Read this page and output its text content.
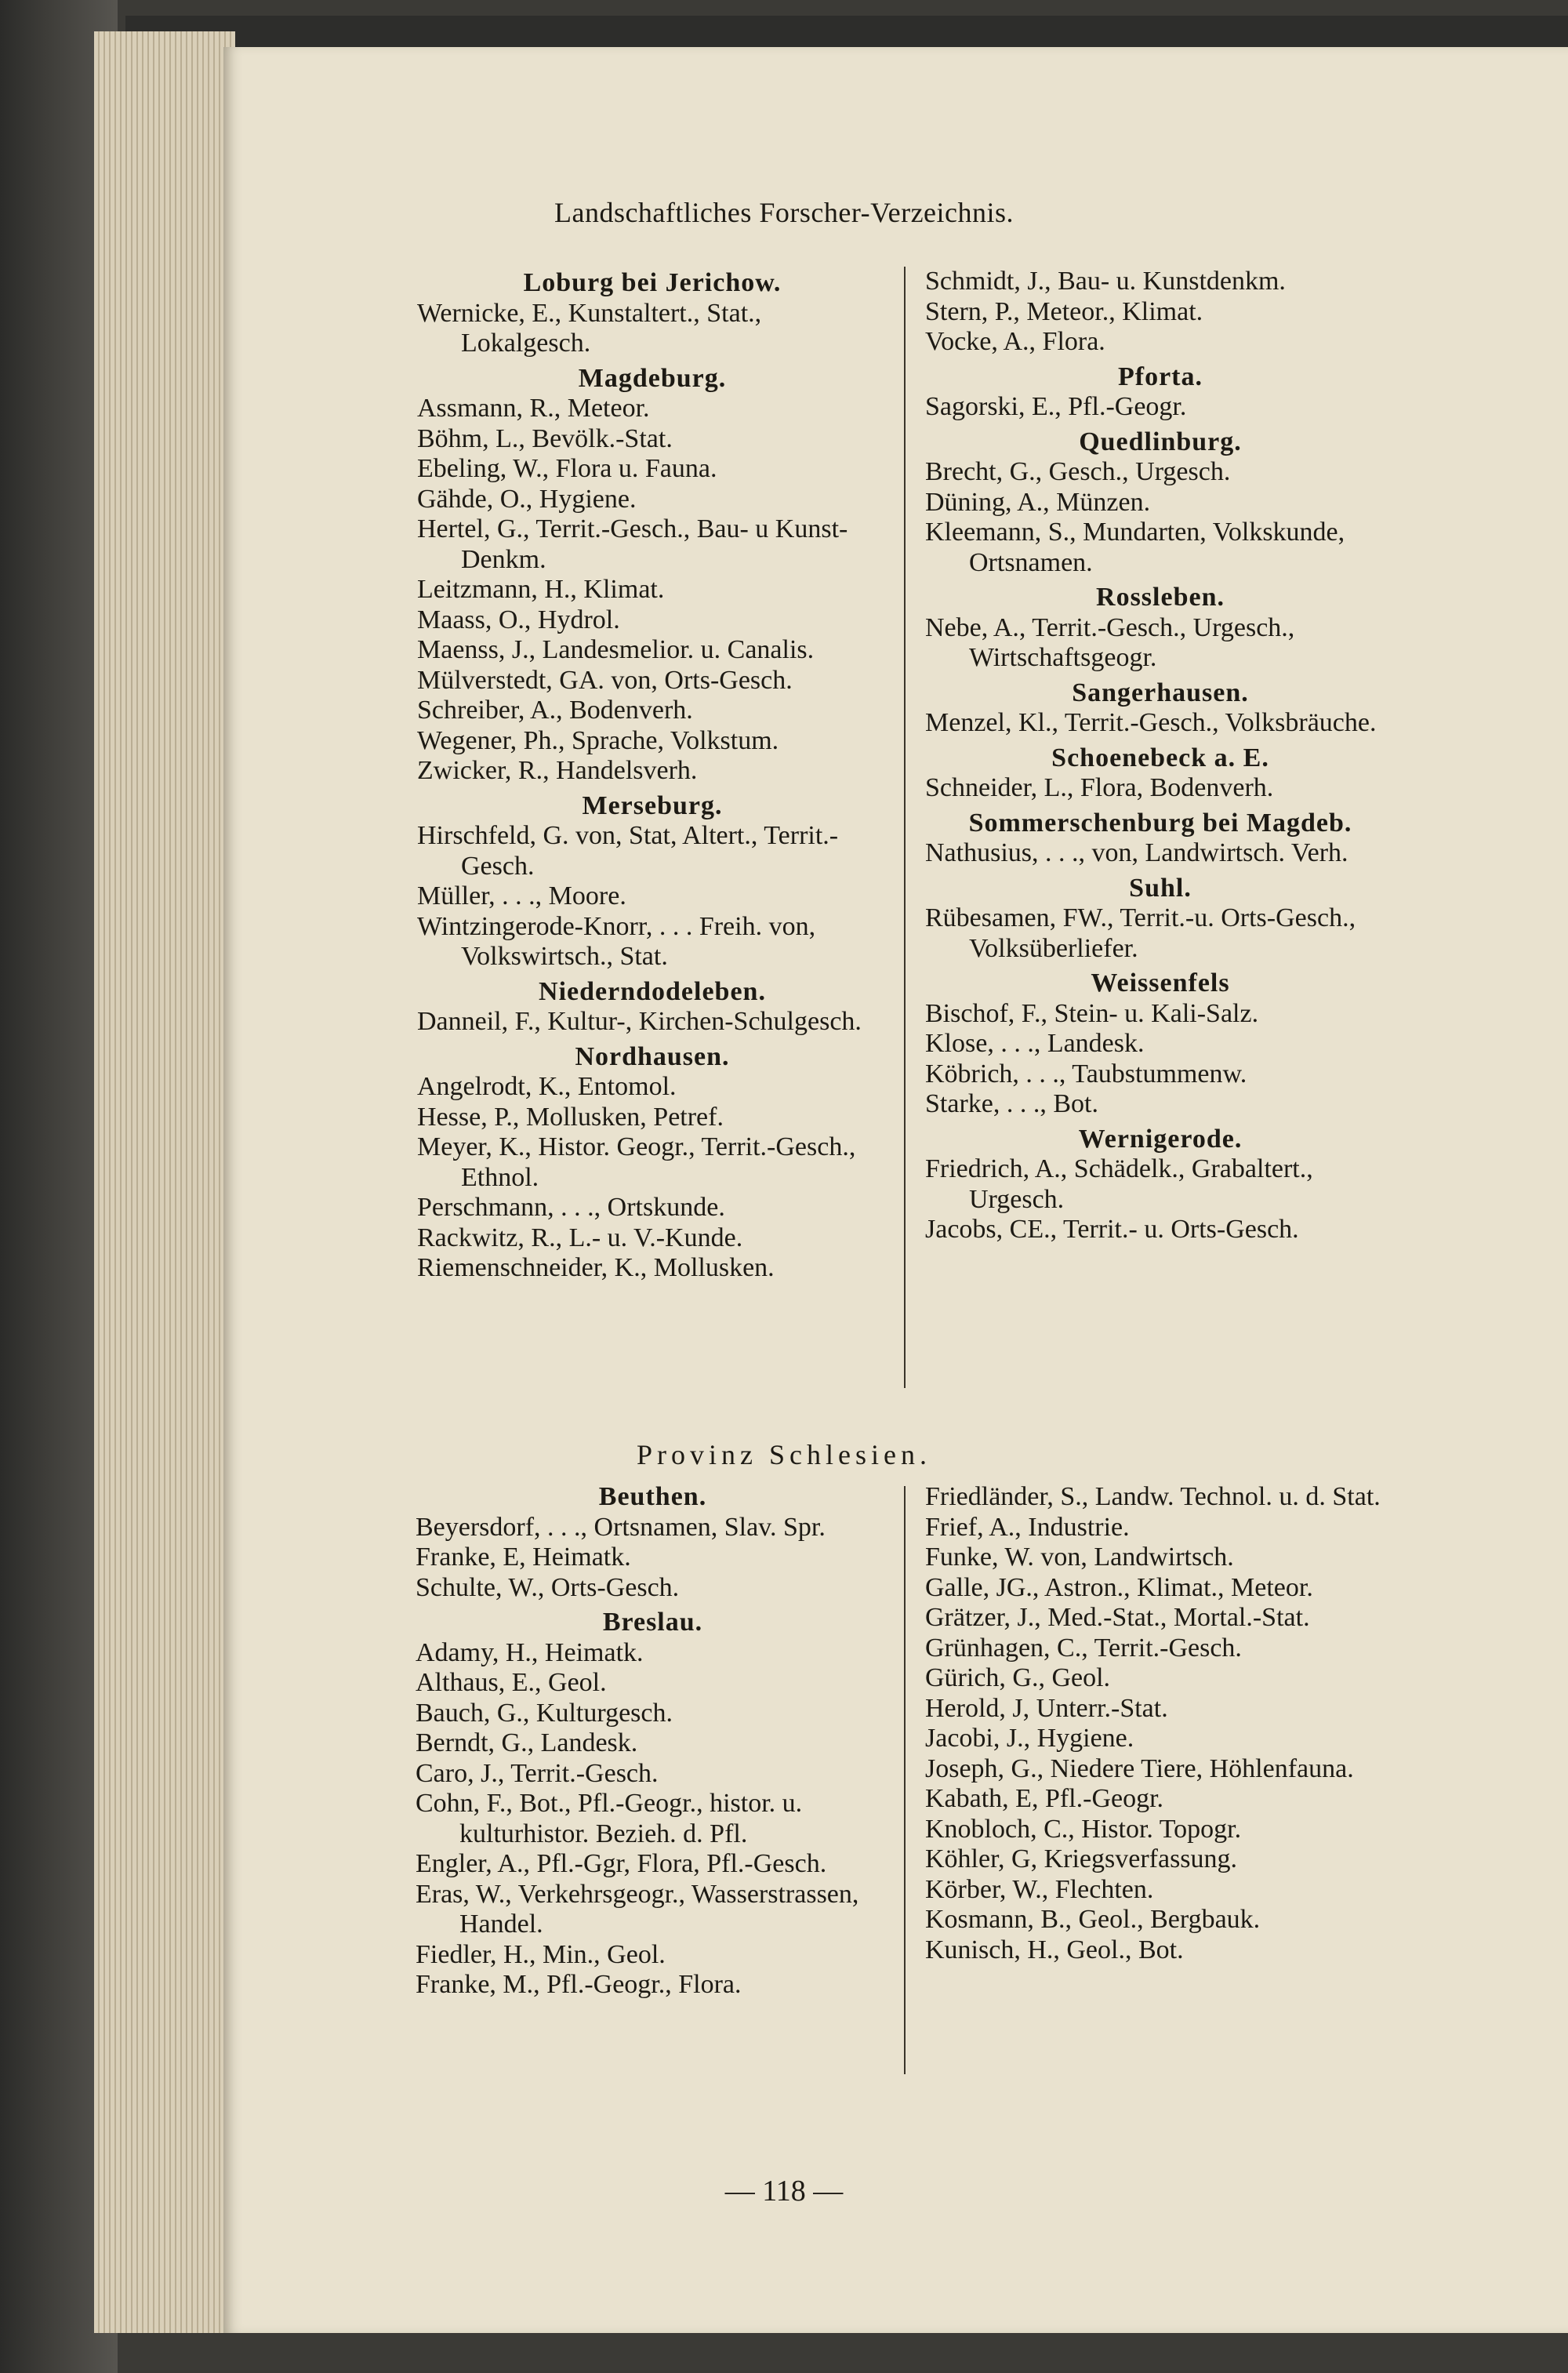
Landschaftliches Forscher-Verzeichnis.
Loburg bei Jerichow.
Wernicke, E., Kunstaltert., Stat., Lokalgesch.
Magdeburg.
Assmann, R., Meteor.
Böhm, L., Bevölk.-Stat.
Ebeling, W., Flora u. Fauna.
Gähde, O., Hygiene.
Hertel, G., Territ.-Gesch., Bau- u Kunst-Denkm.
Leitzmann, H., Klimat.
Maass, O., Hydrol.
Maenss, J., Landesmelior. u. Canalis.
Mülverstedt, GA. von, Orts-Gesch.
Schreiber, A., Bodenverh.
Wegener, Ph., Sprache, Volkstum.
Zwicker, R., Handelsverh.
Merseburg.
Hirschfeld, G. von, Stat, Altert., Territ.-Gesch.
Müller, . . ., Moore.
Wintzingerode-Knorr, . . . Freih. von, Volkswirtsch., Stat.
Niederndodeleben.
Danneil, F., Kultur-, Kirchen-Schulgesch.
Nordhausen.
Angelrodt, K., Entomol.
Hesse, P., Mollusken, Petref.
Meyer, K., Histor. Geogr., Territ.-Gesch., Ethnol.
Perschmann, . . ., Ortskunde.
Rackwitz, R., L.- u. V.-Kunde.
Riemenschneider, K., Mollusken.
Schmidt, J., Bau- u. Kunstdenkm.
Stern, P., Meteor., Klimat.
Vocke, A., Flora.
Pforta.
Sagorski, E., Pfl.-Geogr.
Quedlinburg.
Brecht, G., Gesch., Urgesch.
Düning, A., Münzen.
Kleemann, S., Mundarten, Volkskunde, Ortsnamen.
Rossleben.
Nebe, A., Territ.-Gesch., Urgesch., Wirtschaftsgeogr.
Sangerhausen.
Menzel, Kl., Territ.-Gesch., Volksbräuche.
Schoenebeck a. E.
Schneider, L., Flora, Bodenverh.
Sommerschenburg bei Magdeb.
Nathusius, . . ., von, Landwirtsch. Verh.
Suhl.
Rübesamen, FW., Territ.-u. Orts-Gesch., Volksüberliefer.
Weissenfels
Bischof, F., Stein- u. Kali-Salz.
Klose, . . ., Landesk.
Köbrich, . . ., Taubstummenw.
Starke, . . ., Bot.
Wernigerode.
Friedrich, A., Schädelk., Grabaltert., Urgesch.
Jacobs, CE., Territ.- u. Orts-Gesch.
Provinz Schlesien.
Beuthen.
Beyersdorf, . . ., Ortsnamen, Slav. Spr.
Franke, E, Heimatk.
Schulte, W., Orts-Gesch.
Breslau.
Adamy, H., Heimatk.
Althaus, E., Geol.
Bauch, G., Kulturgesch.
Berndt, G., Landesk.
Caro, J., Territ.-Gesch.
Cohn, F., Bot., Pfl.-Geogr., histor. u. kulturhistor. Bezieh. d. Pfl.
Engler, A., Pfl.-Ggr, Flora, Pfl.-Gesch.
Eras, W., Verkehrsgeogr., Wasserstrassen, Handel.
Fiedler, H., Min., Geol.
Franke, M., Pfl.-Geogr., Flora.
Friedländer, S., Landw. Technol. u. d. Stat.
Frief, A., Industrie.
Funke, W. von, Landwirtsch.
Galle, JG., Astron., Klimat., Meteor.
Grätzer, J., Med.-Stat., Mortal.-Stat.
Grünhagen, C., Territ.-Gesch.
Gürich, G., Geol.
Herold, J, Unterr.-Stat.
Jacobi, J., Hygiene.
Joseph, G., Niedere Tiere, Höhlenfauna.
Kabath, E, Pfl.-Geogr.
Knobloch, C., Histor. Topogr.
Köhler, G, Kriegsverfassung.
Körber, W., Flechten.
Kosmann, B., Geol., Bergbauk.
Kunisch, H., Geol., Bot.
— 118 —
